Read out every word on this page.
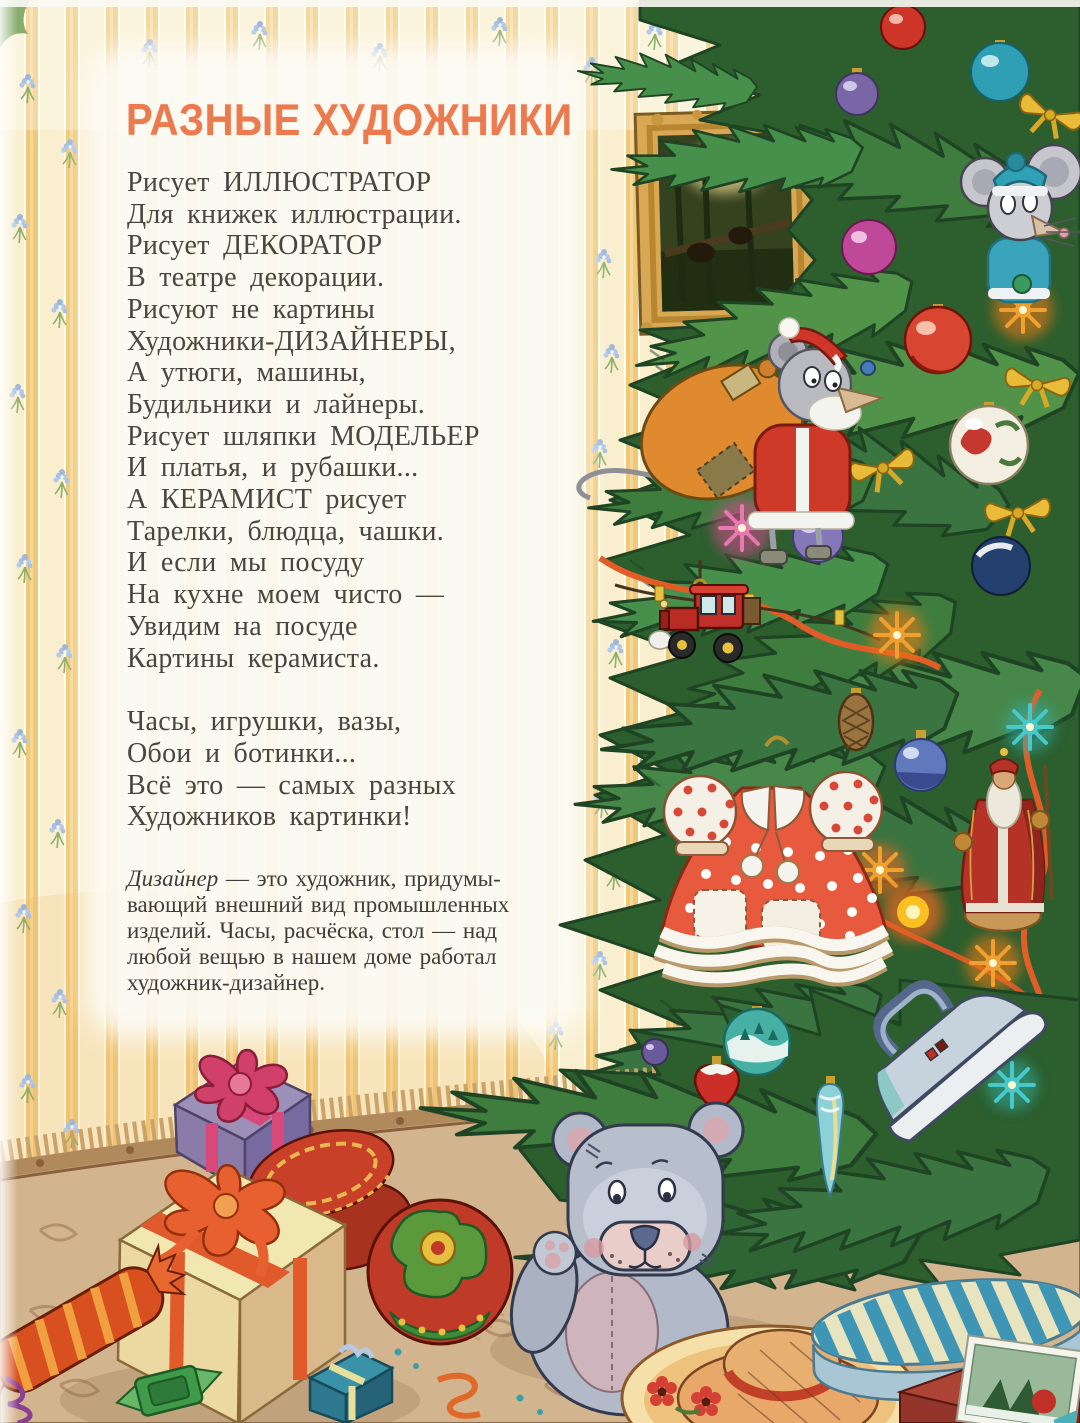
РАЗНЫЕ ХУДОЖНИКИ
Рисует ИЛЛЮСТРАТОР
Для книжек иллюстрации.
Рисует ДЕКОРАТОР
В театре декорации.
Рисуют не картины
Художники-ДИЗАЙНЕРЫ,
А утюги, машины,
Будильники и лайнеры.
Рисует шляпки МОДЕЛЬЕР
И платья, и рубашки...
А КЕРАМИСТ рисует
Тарелки, блюдца, чашки.
И если мы посуду
На кухне моем чисто —
Увидим на посуде
Картины керамиста.
Часы, игрушки, вазы,
Обои и ботинки...
Всё это — самых разных
Художников картинки!
Дизайнер — это художник, придумы-
вающий внешний вид промышленных
изделий. Часы, расчёска, стол — над
любой вещью в нашем доме работал
художник-дизайнер.
